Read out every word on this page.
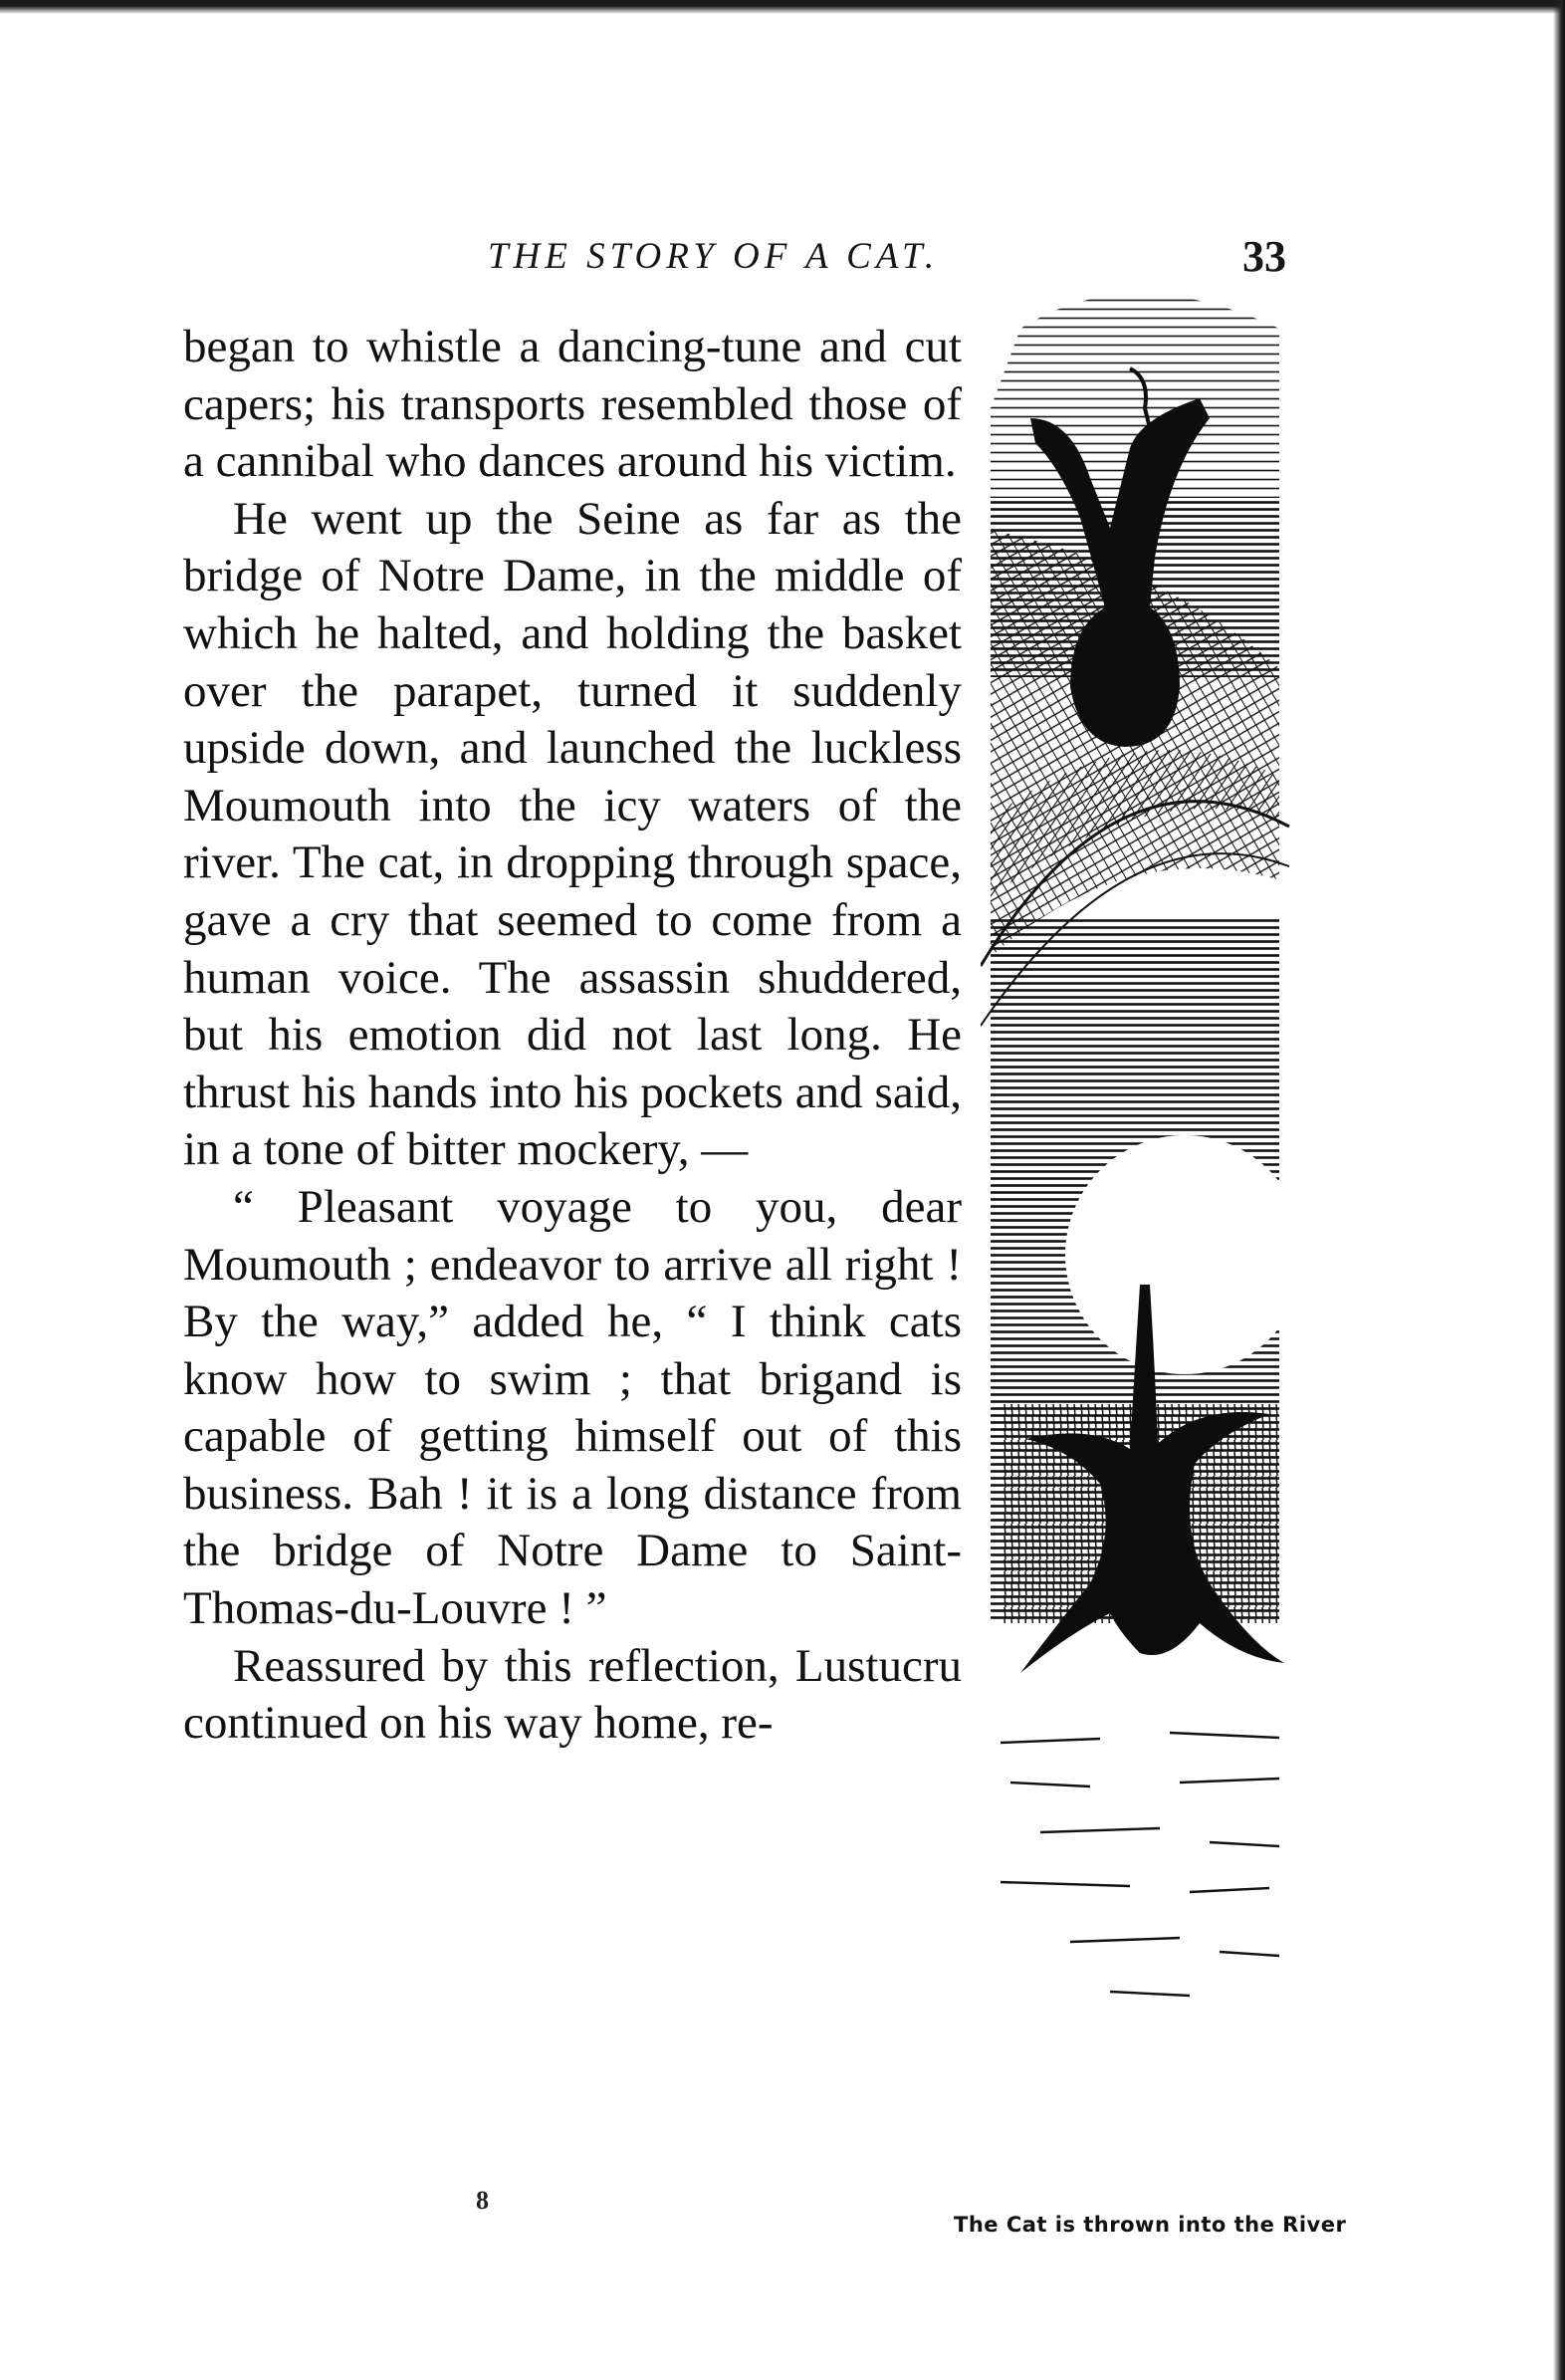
THE STORY OF A CAT.	33

began to whistle a dancing-tune and cut capers; his transports resembled those of a cannibal who dances around his victim.

He went up the Seine as far as the bridge of Notre Dame, in the middle of which he halted, and holding the basket over the parapet, turned it suddenly upside down, and launched the luckless Moumouth into the icy waters of the river. The cat, in dropping through space, gave a cry that seemed to come from a human voice. The assassin shuddered, but his emotion did not last long. He thrust his hands into his pockets and said, in a tone of bitter mockery, —

“ Pleasant voyage to you, dear Moumouth ; endeavor to arrive all right ! By the way,” added he, “ I think cats know how to swim ; that brigand is capable of getting himself out of this business. Bah ! it is a long distance from the bridge of Notre Dame to Saint-Thomas-du-Louvre ! ”

Reassured by this reflection, Lustucru continued on his way home, re-

8
The Cat is thrown into the River
